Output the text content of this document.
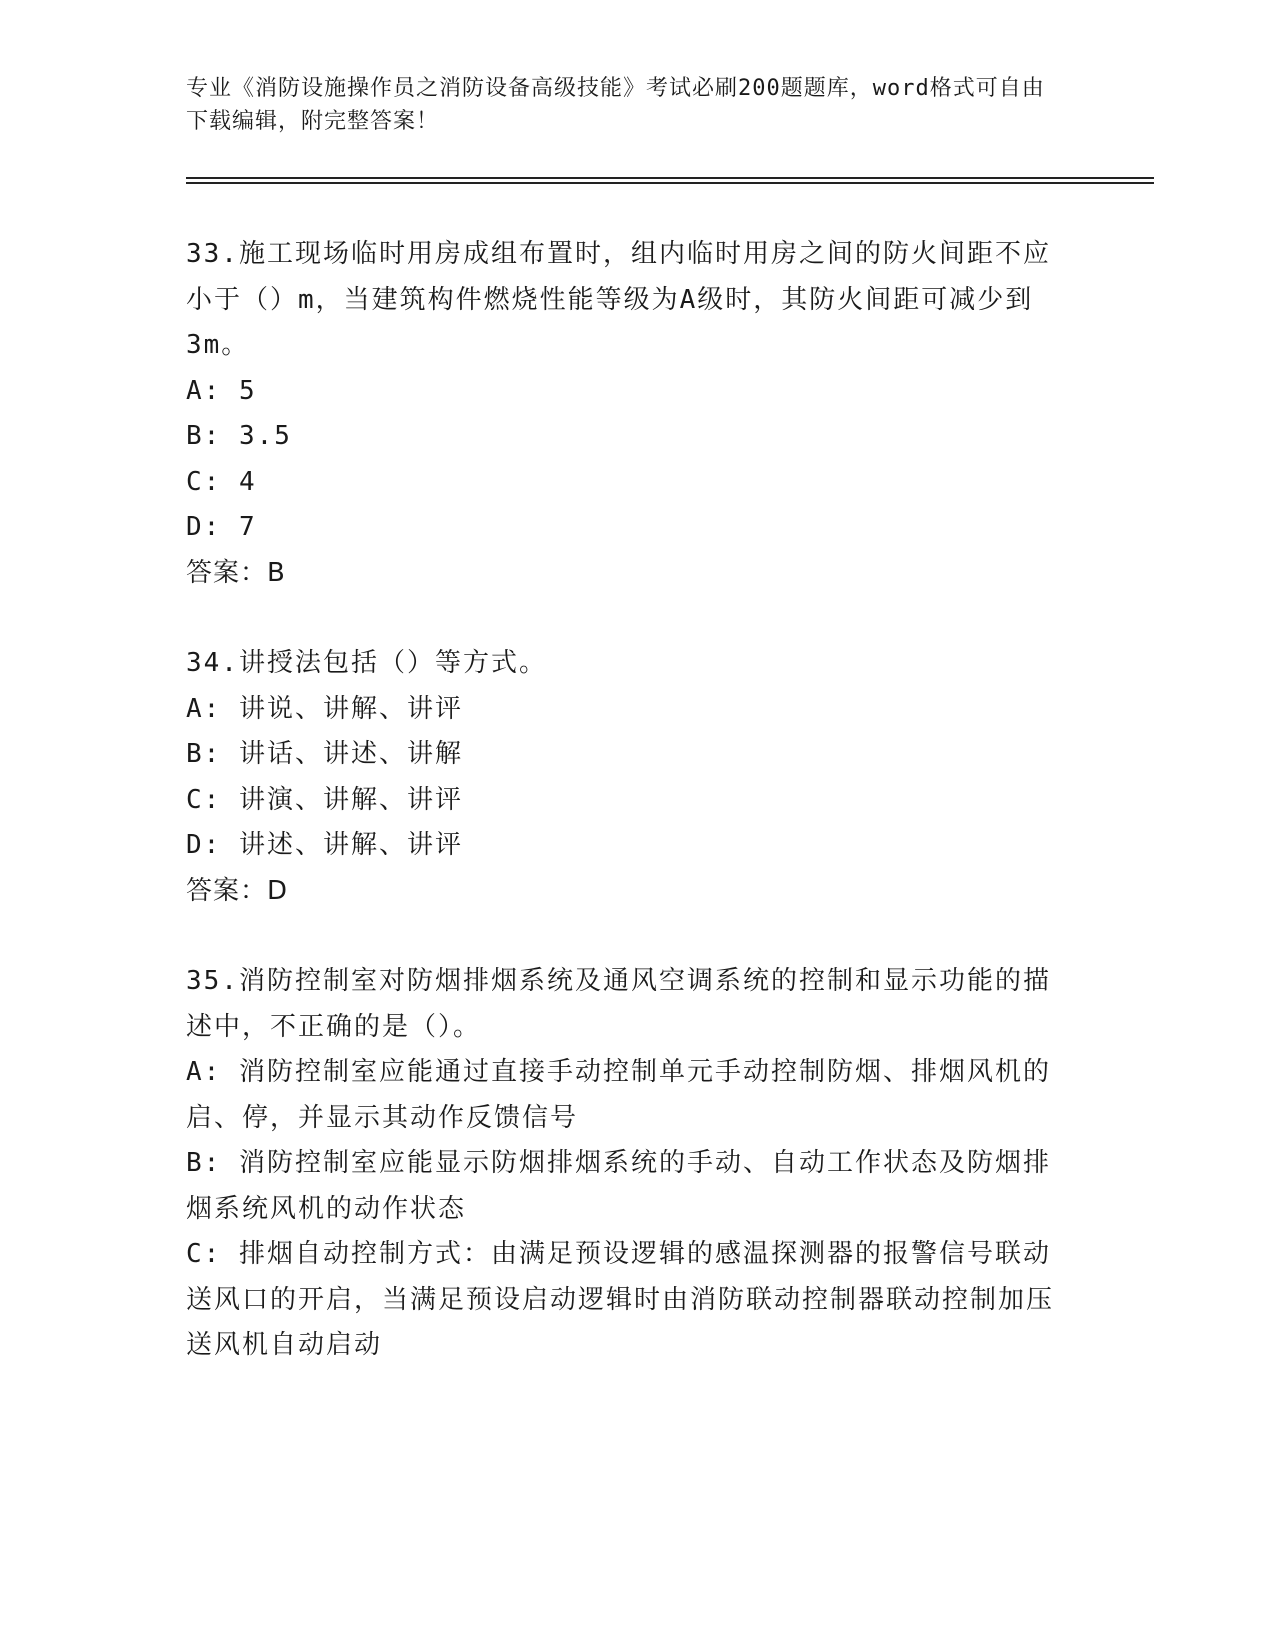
专业《消防设施操作员之消防设备高级技能》考试必刷200题题库，word格式可自由下载编辑，附完整答案！

33.施工现场临时用房成组布置时，组内临时用房之间的防火间距不应小于（）m，当建筑构件燃烧性能等级为A级时，其防火间距可减少到3m。

A: 5

B: 3.5

C: 4

D: 7

答案：B

34.讲授法包括（）等方式。

A: 讲说、讲解、讲评

B: 讲话、讲述、讲解

C: 讲演、讲解、讲评

D: 讲述、讲解、讲评

答案：D

35.消防控制室对防烟排烟系统及通风空调系统的控制和显示功能的描述中，不正确的是（）。

A: 消防控制室应能通过直接手动控制单元手动控制防烟、排烟风机的启、停，并显示其动作反馈信号

B: 消防控制室应能显示防烟排烟系统的手动、自动工作状态及防烟排烟系统风机的动作状态

C: 排烟自动控制方式：由满足预设逻辑的感温探测器的报警信号联动送风口的开启，当满足预设启动逻辑时由消防联动控制器联动控制加压送风机自动启动
